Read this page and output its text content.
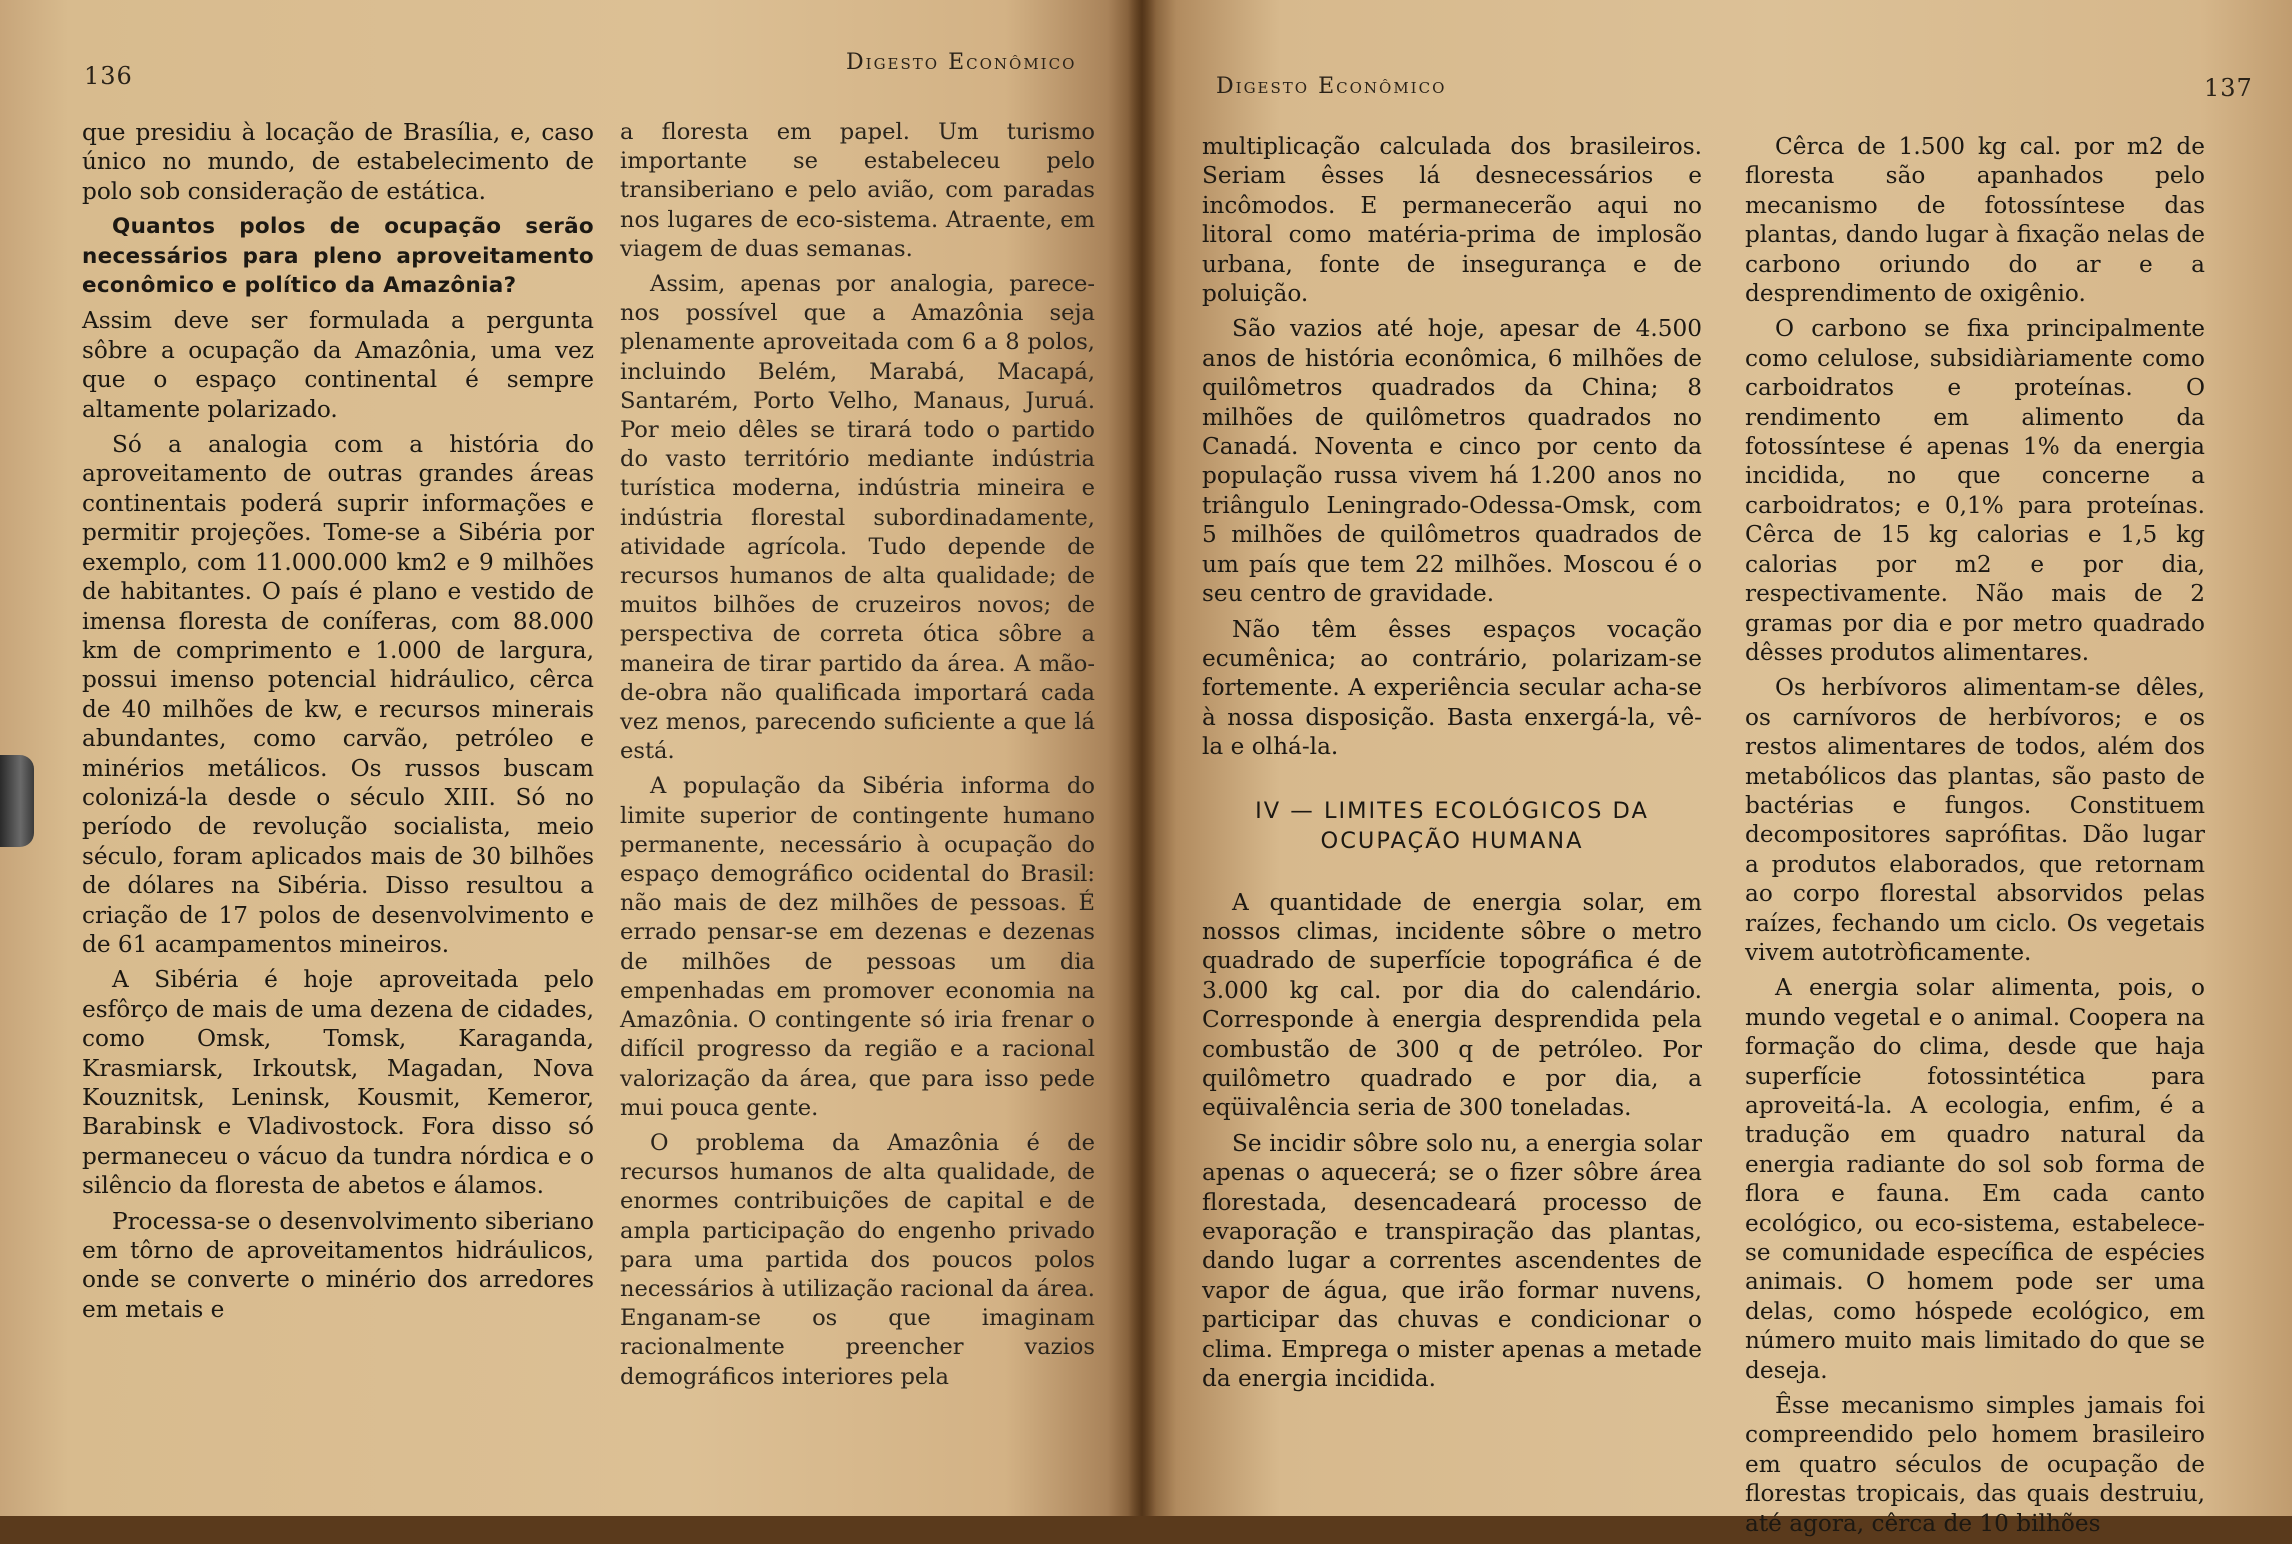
136	Digesto Econômico

que presidiu à locação de Brasília, e, caso único no mundo, de estabelecimento de polo sob consideração de estática.

Quantos polos de ocupação serão necessários para pleno aproveitamento econômico e político da Amazônia?

Assim deve ser formulada a pergunta sôbre a ocupação da Amazônia, uma vez que o espaço continental é sempre altamente polarizado.

Só a analogia com a história do aproveitamento de outras grandes áreas continentais poderá suprir informações e permitir projeções. Tome-se a Sibéria por exemplo, com 11.000.000 km2 e 9 milhões de habitantes. O país é plano e vestido de imensa floresta de coníferas, com 88.000 km de comprimento e 1.000 de largura, possui imenso potencial hidráulico, cêrca de 40 milhões de kw, e recursos minerais abundantes, como carvão, petróleo e minérios metálicos. Os russos buscam colonizá-la desde o século XIII. Só no período de revolução socialista, meio século, foram aplicados mais de 30 bilhões de dólares na Sibéria. Disso resultou a criação de 17 polos de desenvolvimento e de 61 acampamentos mineiros.

A Sibéria é hoje aproveitada pelo esfôrço de mais de uma dezena de cidades, como Omsk, Tomsk, Karaganda, Krasmiarsk, Irkoutsk, Magadan, Nova Kouznitsk, Leninsk, Kousmit, Kemeror, Barabinsk e Vladivostock. Fora disso só permaneceu o vácuo da tundra nórdica e o silêncio da floresta de abetos e álamos.

Processa-se o desenvolvimento siberiano em tôrno de aproveitamentos hidráulicos, onde se converte o minério dos arredores em metais e

a floresta em papel. Um turismo importante se estabeleceu pelo transiberiano e pelo avião, com paradas nos lugares de eco-sistema. Atraente, em viagem de duas semanas.

Assim, apenas por analogia, parece-nos possível que a Amazônia seja plenamente aproveitada com 6 a 8 polos, incluindo Belém, Marabá, Macapá, Santarém, Porto Velho, Manaus, Juruá. Por meio dêles se tirará todo o partido do vasto território mediante indústria turística moderna, indústria mineira e indústria florestal subordinadamente, atividade agrícola. Tudo depende de recursos humanos de alta qualidade; de muitos bilhões de cruzeiros novos; de perspectiva de correta ótica sôbre a maneira de tirar partido da área. A mão-de-obra não qualificada importará cada vez menos, parecendo suficiente a que lá está.

A população da Sibéria informa do limite superior de contingente humano permanente, necessário à ocupação do espaço demográfico ocidental do Brasil: não mais de dez milhões de pessoas. É errado pensar-se em dezenas e dezenas de milhões de pessoas um dia empenhadas em promover economia na Amazônia. O contingente só iria frenar o difícil progresso da região e a racional valorização da área, que para isso pede mui pouca gente.

O problema da Amazônia é de recursos humanos de alta qualidade, de enormes contribuições de capital e de ampla participação do engenho privado para uma partida dos poucos polos necessários à utilização racional da área. Enganam-se os que imaginam racionalmente preencher vazios demográficos interiores pela

Digesto Econômico	137

multiplicação calculada dos brasileiros. Seriam êsses lá desnecessários e incômodos. E permanecerão aqui no litoral como matéria-prima de implosão urbana, fonte de insegurança e de poluição.

São vazios até hoje, apesar de 4.500 anos de história econômica, 6 milhões de quilômetros quadrados da China; 8 milhões de quilômetros quadrados no Canadá. Noventa e cinco por cento da população russa vivem há 1.200 anos no triângulo Leningrado-Odessa-Omsk, com 5 milhões de quilômetros quadrados de um país que tem 22 milhões. Moscou é o seu centro de gravidade.

Não têm êsses espaços vocação ecumênica; ao contrário, polarizam-se fortemente. A experiência secular acha-se à nossa disposição. Basta enxergá-la, vê-la e olhá-la.

IV — LIMITES ECOLÓGICOS DA OCUPAÇÃO HUMANA

A quantidade de energia solar, em nossos climas, incidente sôbre o metro quadrado de superfície topográfica é de 3.000 kg cal. por dia do calendário. Corresponde à energia desprendida pela combustão de 300 q de petróleo. Por quilômetro quadrado e por dia, a eqüivalência seria de 300 toneladas.

Se incidir sôbre solo nu, a energia solar apenas o aquecerá; se o fizer sôbre área florestada, desencadeará processo de evaporação e transpiração das plantas, dando lugar a correntes ascendentes de vapor de água, que irão formar nuvens, participar das chuvas e condicionar o clima. Emprega o mister apenas a metade da energia incidida.

Cêrca de 1.500 kg cal. por m2 de floresta são apanhados pelo mecanismo de fotossíntese das plantas, dando lugar à fixação nelas de carbono oriundo do ar e a desprendimento de oxigênio.

O carbono se fixa principalmente como celulose, subsidiàriamente como carboidratos e proteínas. O rendimento em alimento da fotossíntese é apenas 1% da energia incidida, no que concerne a carboidratos; e 0,1% para proteínas. Cêrca de 15 kg calorias e 1,5 kg calorias por m2 e por dia, respectivamente. Não mais de 2 gramas por dia e por metro quadrado dêsses produtos alimentares.

Os herbívoros alimentam-se dêles, os carnívoros de herbívoros; e os restos alimentares de todos, além dos metabólicos das plantas, são pasto de bactérias e fungos. Constituem decompositores saprófitas. Dão lugar a produtos elaborados, que retornam ao corpo florestal absorvidos pelas raízes, fechando um ciclo. Os vegetais vivem autotròficamente.

A energia solar alimenta, pois, o mundo vegetal e o animal. Coopera na formação do clima, desde que haja superfície fotossintética para aproveitá-la. A ecologia, enfim, é a tradução em quadro natural da energia radiante do sol sob forma de flora e fauna. Em cada canto ecológico, ou eco-sistema, estabelece-se comunidade específica de espécies animais. O homem pode ser uma delas, como hóspede ecológico, em número muito mais limitado do que se deseja.

Êsse mecanismo simples jamais foi compreendido pelo homem brasileiro em quatro séculos de ocupação de florestas tropicais, das quais destruiu, até agora, cêrca de 10 bilhões
